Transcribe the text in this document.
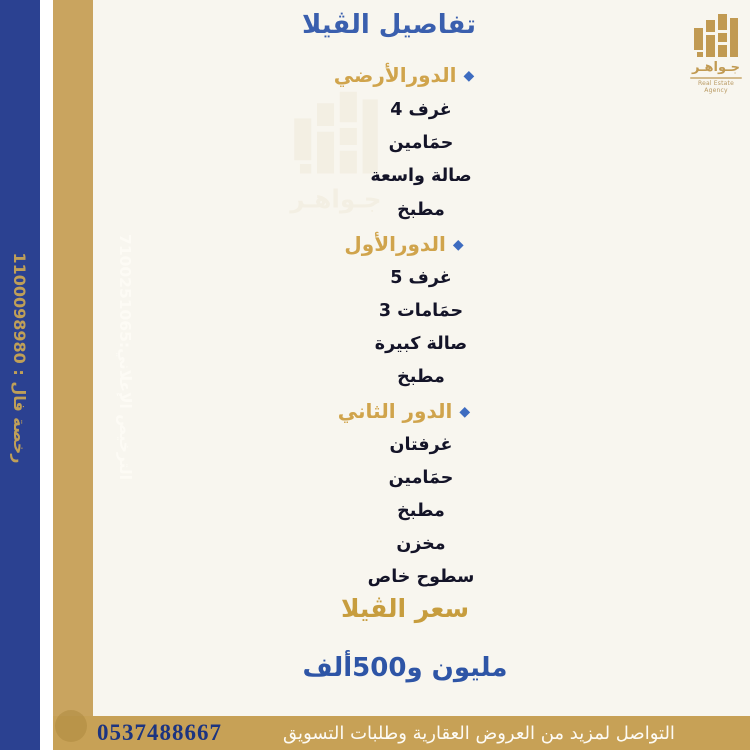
رخصة فال : 1100098980
الترخيص الإعلاني:7100251065
جـواهـر
جـواهـر
Real Estate Agency
تفاصيل الڤيلا
الدورالأرضي ◆
4 غرف
حمَامين
صالة واسعة
مطبخ
الدورالأول ◆
5 غرف
3 حمَامات
صالة كبيرة
مطبخ
الدور الثاني ◆
غرفتان
حمَامين
مطبخ
مخزن
سطوح خاص
سعر الڤيلا
مليون و500ألف
0537488667	التواصل لمزيد من العروض العقارية وطلبات التسويق
